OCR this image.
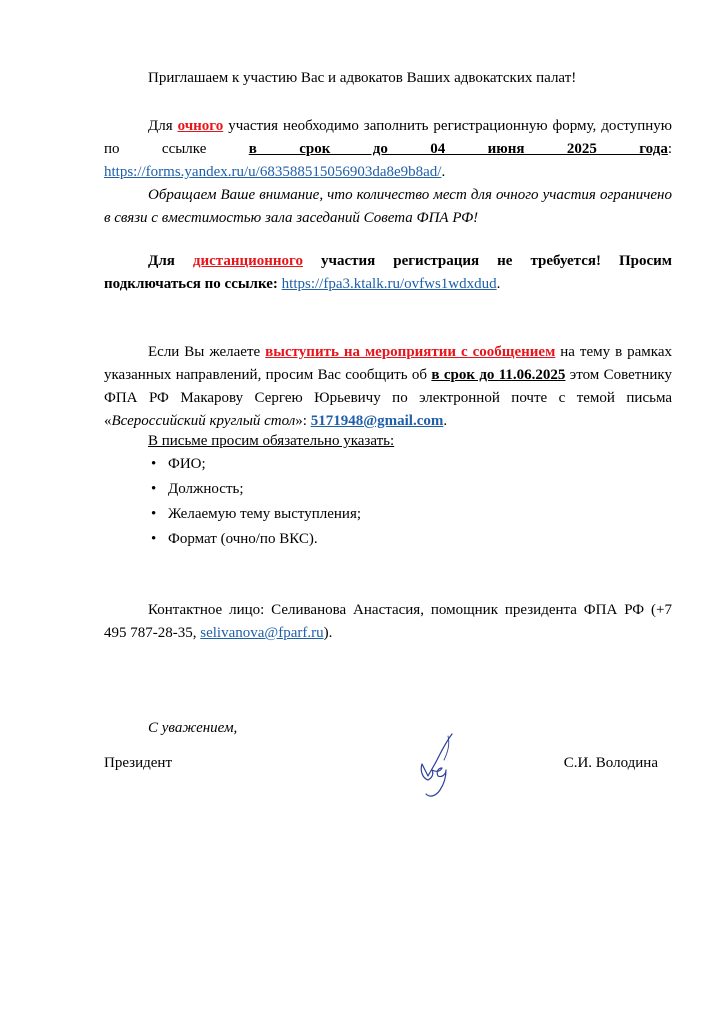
Приглашаем к участию Вас и адвокатов Ваших адвокатских палат!

Для очного участия необходимо заполнить регистрационную форму, доступную по ссылке	в срок до 04 июня 2025 года: https://forms.yandex.ru/u/683588515056903da8e9b8ad/.

Обращаем Ваше внимание, что количество мест для очного участия ограничено в связи с вместимостью зала заседаний Совета ФПА РФ!

Для дистанционного участия регистрация не требуется! Просим подключаться по ссылке: https://fpa3.ktalk.ru/ovfws1wdxdud.

Если Вы желаете выступить на мероприятии с сообщением на тему в рамках указанных направлений, просим Вас сообщить об в срок до 11.06.2025 этом Советнику ФПА РФ Макарову Сергею Юрьевичу по электронной почте с темой письма «Всероссийский круглый стол»: 5171948@gmail.com.

В письме просим обязательно указать:

• ФИО;
• Должность;
• Желаемую тему выступления;
• Формат (очно/по ВКС).

Контактное лицо: Селиванова Анастасия, помощник президента ФПА РФ (+7 495 787-28-35, selivanova@fparf.ru).

С уважением,

Президент	С.И. Володина
